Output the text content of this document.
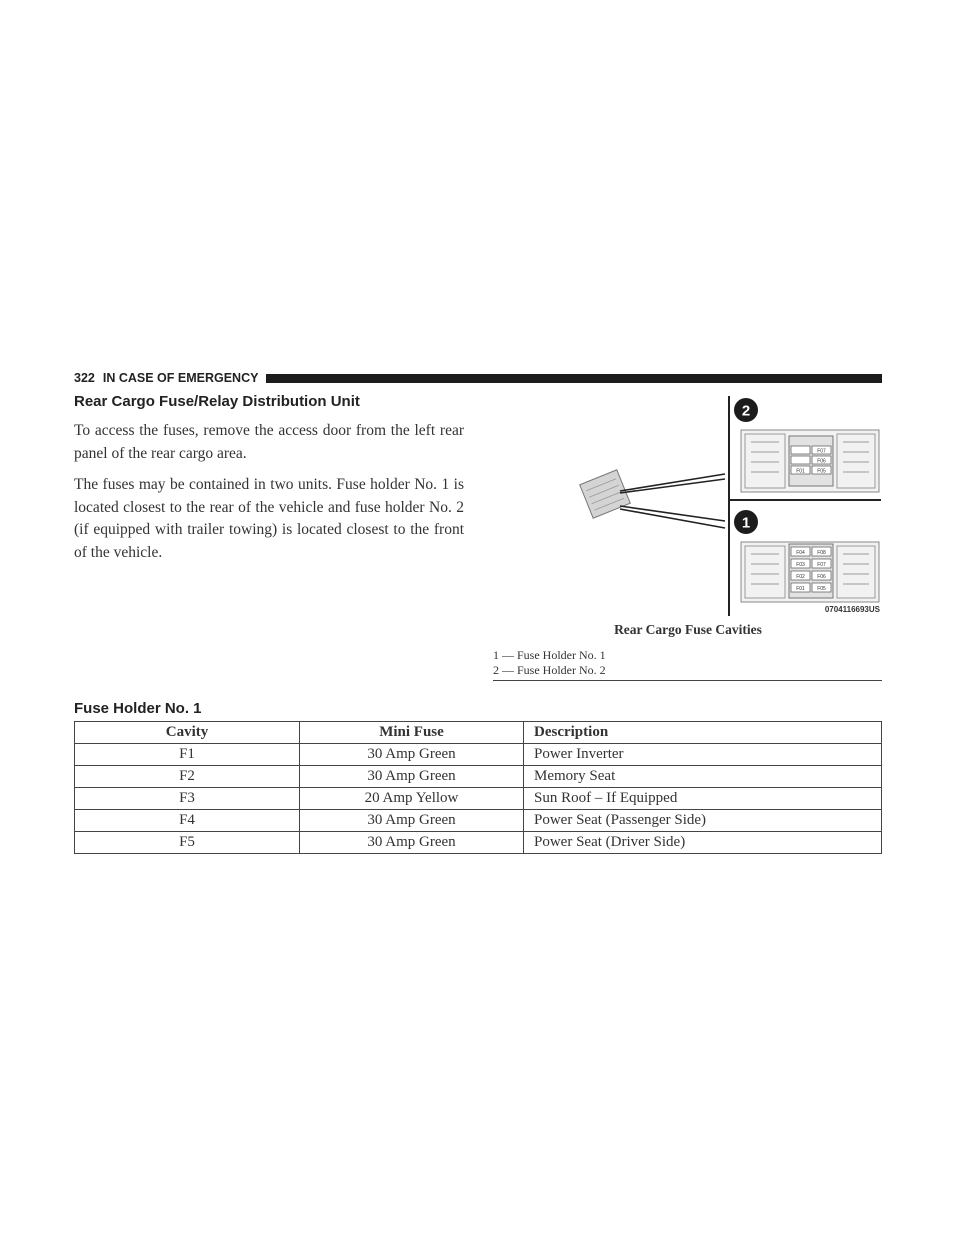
322 IN CASE OF EMERGENCY
Rear Cargo Fuse/Relay Distribution Unit

To access the fuses, remove the access door from the left rear panel of the rear cargo area.

The fuses may be contained in two units. Fuse holder No. 1 is located closest to the rear of the vehicle and fuse holder No. 2 (if equipped with trailer towing) is located closest to the front of the vehicle.

2
1
F07
F06
F01 F05
F04 F08
F03 F07
F02 F06
F01 F05
0704116693US

Rear Cargo Fuse Cavities

1 — Fuse Holder No. 1
2 — Fuse Holder No. 2
Fuse Holder No. 1
Cavity	Mini Fuse	Description
F1	30 Amp Green	Power Inverter
F2	30 Amp Green	Memory Seat
F3	20 Amp Yellow	Sun Roof – If Equipped
F4	30 Amp Green	Power Seat (Passenger Side)
F5	30 Amp Green	Power Seat (Driver Side)
